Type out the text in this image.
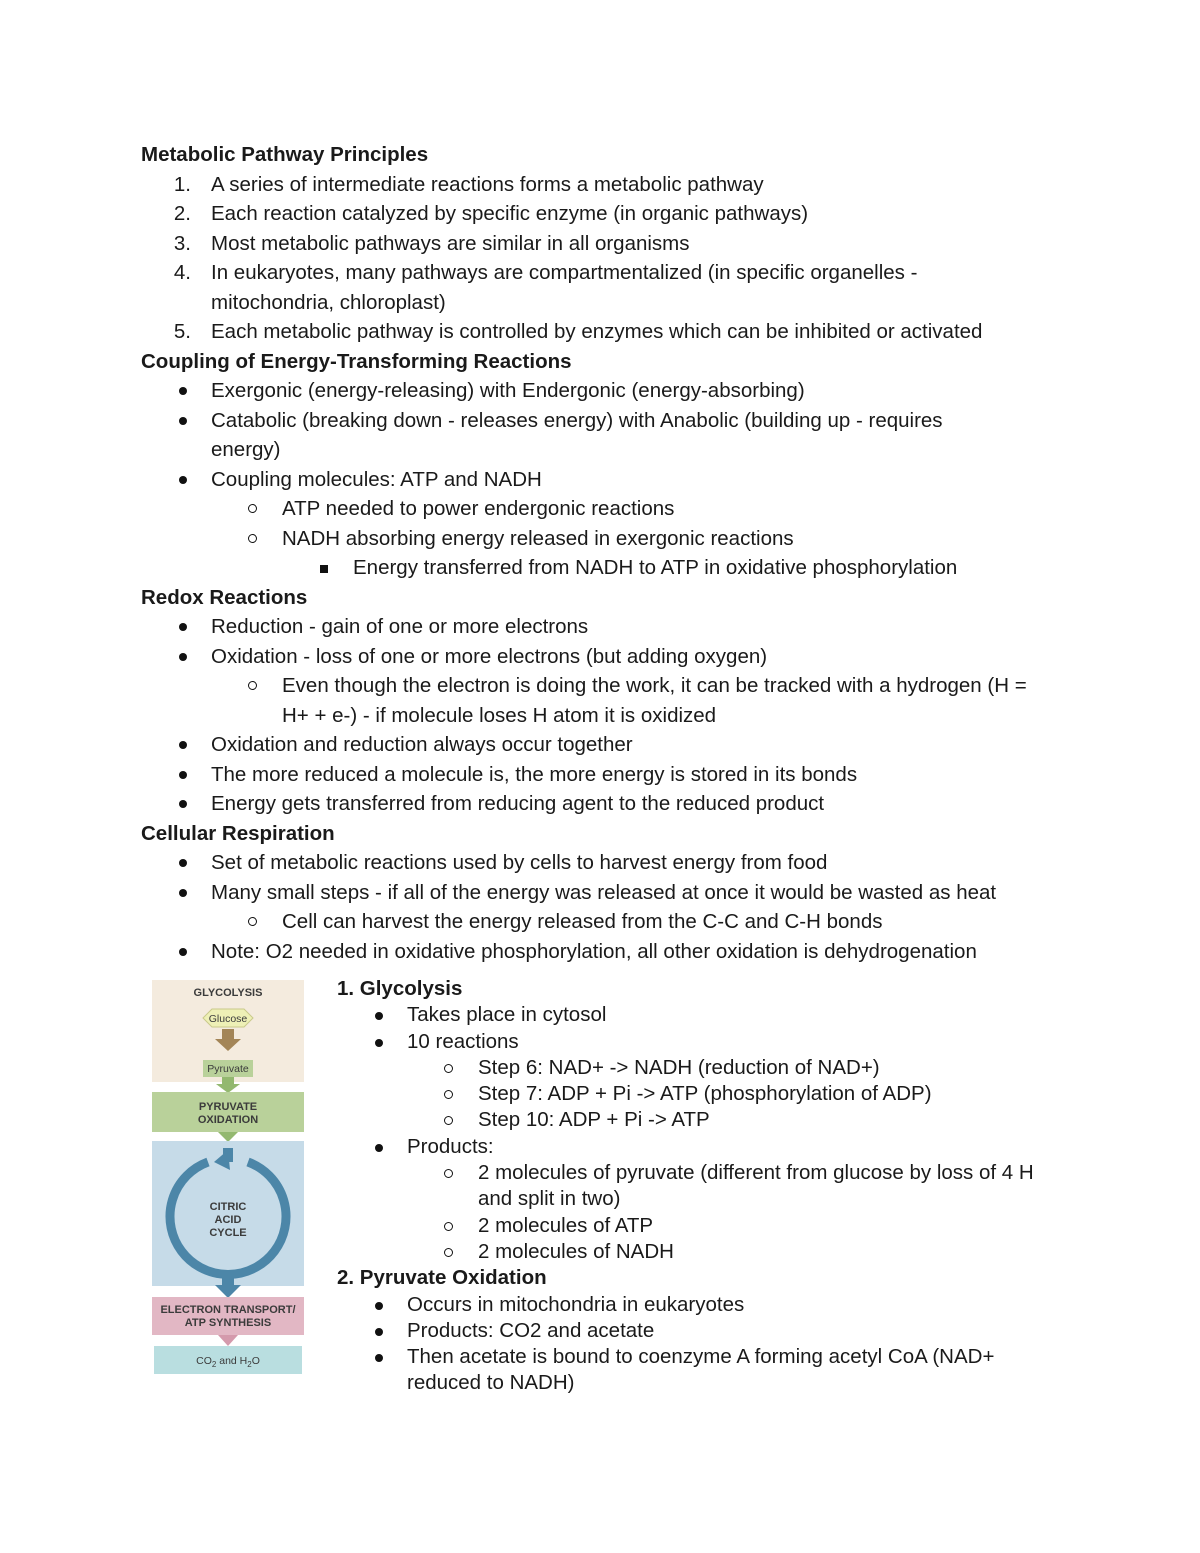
Metabolic Pathway Principles
1. A series of intermediate reactions forms a metabolic pathway
2. Each reaction catalyzed by specific enzyme (in organic pathways)
3. Most metabolic pathways are similar in all organisms
4. In eukaryotes, many pathways are compartmentalized (in specific organelles - mitochondria, chloroplast)
5. Each metabolic pathway is controlled by enzymes which can be inhibited or activated
Coupling of Energy-Transforming Reactions
Exergonic (energy-releasing) with Endergonic (energy-absorbing)
Catabolic (breaking down - releases energy) with Anabolic (building up - requires energy)
Coupling molecules: ATP and NADH
ATP needed to power endergonic reactions
NADH absorbing energy released in exergonic reactions
Energy transferred from NADH to ATP in oxidative phosphorylation
Redox Reactions
Reduction - gain of one or more electrons
Oxidation - loss of one or more electrons (but adding oxygen)
Even though the electron is doing the work, it can be tracked with a hydrogen (H = H+ + e-) - if molecule loses H atom it is oxidized
Oxidation and reduction always occur together
The more reduced a molecule is, the more energy is stored in its bonds
Energy gets transferred from reducing agent to the reduced product
Cellular Respiration
Set of metabolic reactions used by cells to harvest energy from food
Many small steps - if all of the energy was released at once it would be wasted as heat
Cell can harvest the energy released from the C-C and C-H bonds
Note: O2 needed in oxidative phosphorylation, all other oxidation is dehydrogenation
GLYCOLYSIS
Glucose
Pyruvate
PYRUVATE
OXIDATION
CITRIC
ACID
CYCLE
ELECTRON TRANSPORT/
ATP SYNTHESIS
$CO_2$ and $H_2O$
1. Glycolysis
Takes place in cytosol
10 reactions
Step 6: NAD+ -> NADH (reduction of NAD+)
Step 7: ADP + Pi -> ATP (phosphorylation of ADP)
Step 10: ADP + Pi -> ATP
Products:
2 molecules of pyruvate (different from glucose by loss of 4 H and split in two)
2 molecules of ATP
2 molecules of NADH
2. Pyruvate Oxidation
Occurs in mitochondria in eukaryotes
Products: CO2 and acetate
Then acetate is bound to coenzyme A forming acetyl CoA (NAD+ reduced to NADH)
